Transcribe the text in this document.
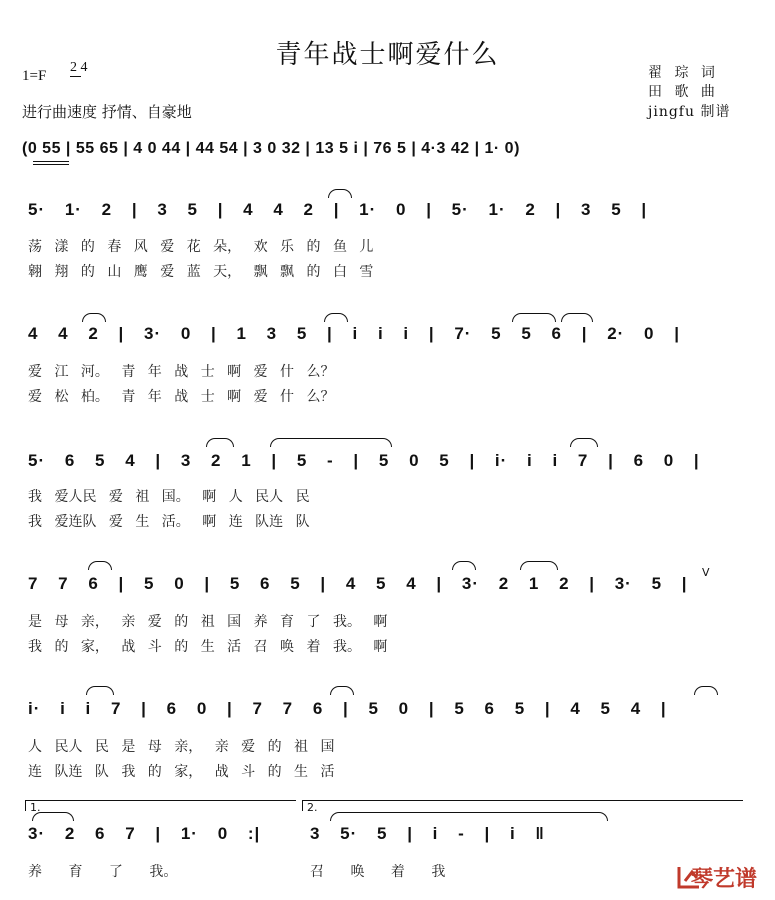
青年战士啊爱什么
1=F
2 4
进行曲速度 抒情、自豪地
翟 琮 词
田 歌 曲
jingfu 制谱
(0 55 | 55 65 | 4 0 44 | 44 54 | 3 0 32 | 13 5 i | 76 5 | 4·3 42 | 1· 0)
5· 1· 2 | 3 5 | 4 4 2 | 1· 0 | 5· 1· 2 | 3 5 |
荡 漾 的 春 风 爱 花 朵， 欢 乐 的 鱼 儿
翱 翔 的 山 鹰 爱 蓝 天， 飘 飘 的 白 雪
4 4 2 | 3· 0 | 1 3 5 | i i i | 7· 5 5 6 | 2· 0 |
爱 江 河。 青 年 战 士 啊 爱 什 么？
爱 松 柏。 青 年 战 士 啊 爱 什 么？
5· 6 5 4 | 3 2 1 | 5 - | 5 0 5 | i· i i 7 | 6 0 |
我 爱人民 爱 祖 国。 啊 人 民人 民
我 爱连队 爱 生 活。 啊 连 队连 队
7 7 6 | 5 0 | 5 6 5 | 4 5 4 | 3· 2 1 2 | 3· 5 |
是 母 亲， 亲 爱 的 祖 国 养 育 了 我。 啊
我 的 家， 战 斗 的 生 活 召 唤 着 我。 啊
V
i· i i 7 | 6 0 | 7 7 6 | 5 0 | 5 6 5 | 4 5 4 |
人 民人 民 是 母 亲， 亲 爱 的 祖 国
连 队连 队 我 的 家， 战 斗 的 生 活
1.	2.
3· 2 6 7 | 1· 0 :|	3 5· 5 | i - | i ‖
养 育 了 我。	召 唤 着 我	琴艺谱
